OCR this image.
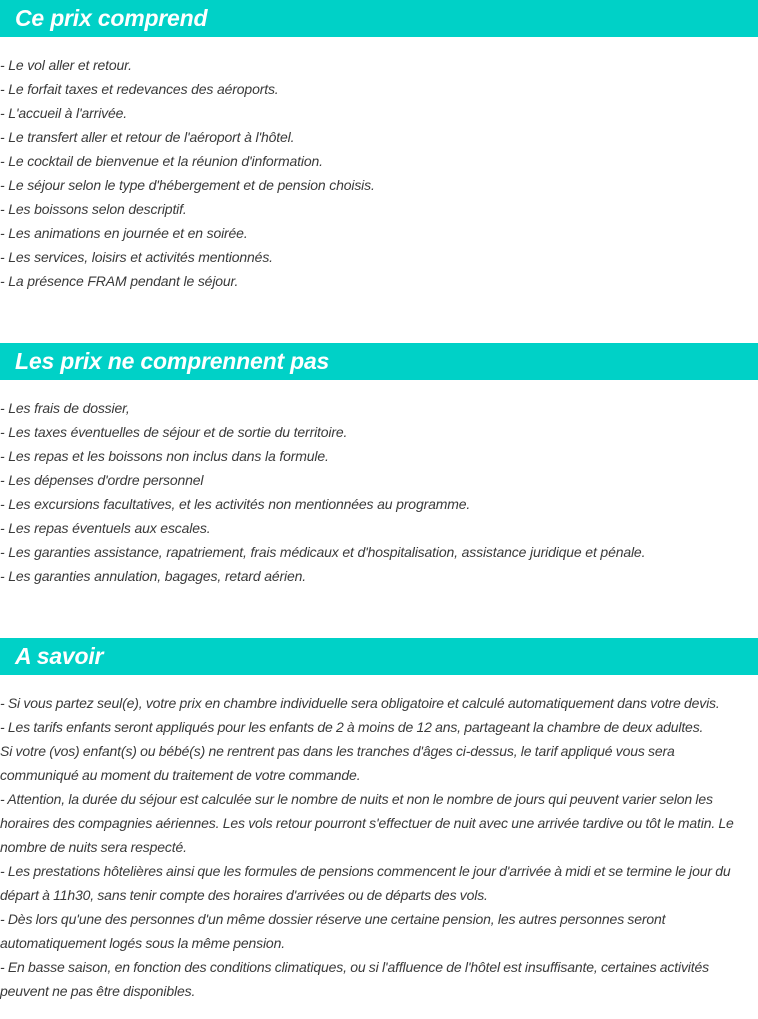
Ce prix comprend
- Le vol aller et retour.
- Le forfait taxes et redevances des aéroports.
- L'accueil à l'arrivée.
- Le transfert aller et retour de l'aéroport à l'hôtel.
- Le cocktail de bienvenue et la réunion d'information.
- Le séjour selon le type d'hébergement et de pension choisis.
- Les boissons selon descriptif.
- Les animations en journée et en soirée.
- Les services, loisirs et activités mentionnés.
- La présence FRAM pendant le séjour.
Les prix ne comprennent pas
- Les frais de dossier,
- Les taxes éventuelles de séjour et de sortie du territoire.
- Les repas et les boissons non inclus dans la formule.
- Les dépenses d'ordre personnel
- Les excursions facultatives, et les activités non mentionnées au programme.
- Les repas éventuels aux escales.
- Les garanties assistance, rapatriement, frais médicaux et d'hospitalisation, assistance juridique et pénale.
- Les garanties annulation, bagages, retard aérien.
A savoir

- Si vous partez seul(e), votre prix en chambre individuelle sera obligatoire et calculé automatiquement dans votre devis.

- Les tarifs enfants seront appliqués pour les enfants de 2 à moins de 12 ans, partageant la chambre de deux adultes.

Si votre (vos) enfant(s) ou bébé(s) ne rentrent pas dans les tranches d'âges ci-dessus, le tarif appliqué vous sera communiqué au moment du traitement de votre commande.

- Attention, la durée du séjour est calculée sur le nombre de nuits et non le nombre de jours qui peuvent varier selon les horaires des compagnies aériennes. Les vols retour pourront s'effectuer de nuit avec une arrivée tardive ou tôt le matin. Le nombre de nuits sera respecté.

- Les prestations hôtelières ainsi que les formules de pensions commencent le jour d'arrivée à midi et se termine le jour du départ à 11h30, sans tenir compte des horaires d'arrivées ou de départs des vols.

- Dès lors qu'une des personnes d'un même dossier réserve une certaine pension, les autres personnes seront automatiquement logés sous la même pension.

- En basse saison, en fonction des conditions climatiques, ou si l'affluence de l'hôtel est insuffisante, certaines activités peuvent ne pas être disponibles.
